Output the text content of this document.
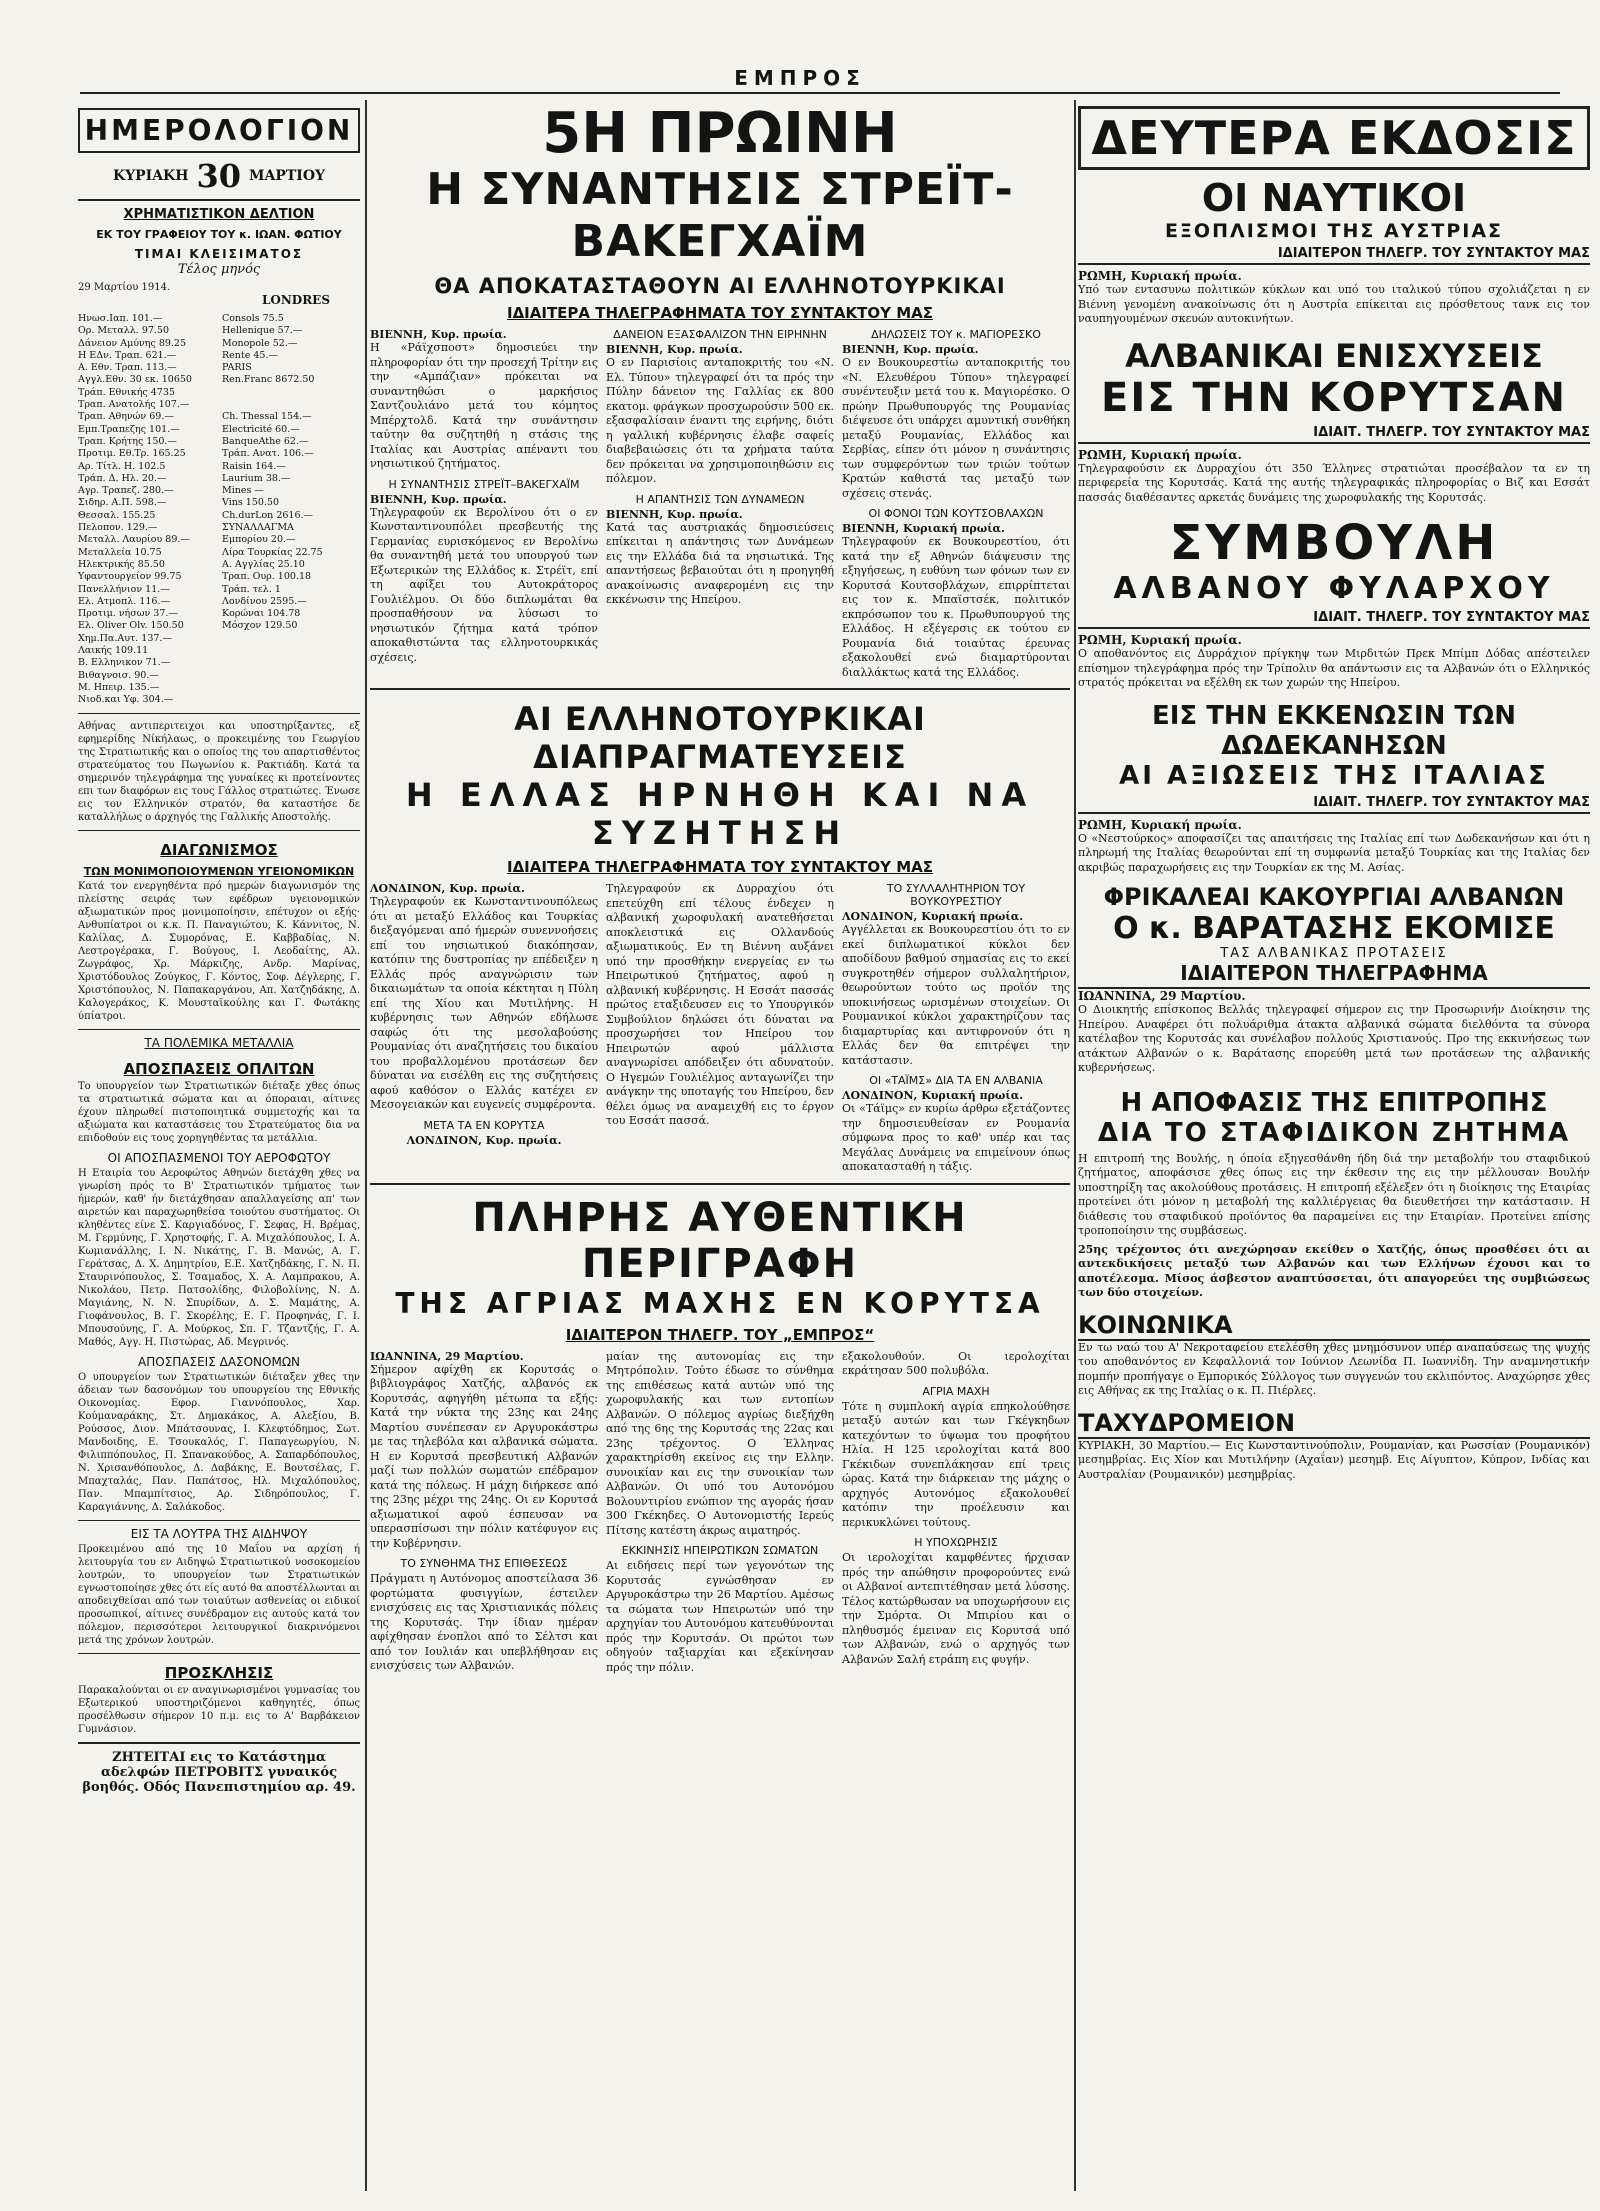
ΕΜΠΡΟΣ
ΗΜΕΡΟΛΟΓΙΟΝ
ΚΥΡΙΑΚΗ 30 ΜΑΡΤΙΟΥ
ΧΡΗΜΑΤΙΣΤΙΚΟΝ ΔΕΛΤΙΟΝ
ΕΚ ΤΟΥ ΓΡΑΦΕΙΟΥ ΤΟΥ κ. ΙΩΑΝ. ΦΩΤΙΟΥ
ΤΙΜΑΙ ΚΛΕΙΣΙΜΑΤΟΣ
Τέλος μηνός
29 Μαρτίου 1914.
LONDRES
Ηνωσ.Ιαπ. 101.—	Consols 75.5
Ορ. Μεταλλ. 97.50	Hellenique 57.—
Δάνειον Αμύνης 89.25	Monopole 52.—
Η ΕΔν. Τραπ. 621.—	Rente 45.—
Α. Εθν. Τραπ. 113.—	PARIS
Αγγλ.Εθν. 30 εκ. 10650	Ren.Franc 8672.50
Τράπ. Εθνικής 4735
Τραπ. Ανατολής 107.—
Τραπ. Αθηνών 69.—	Ch. Thessal 154.—
Εμπ.Τραπεζης 101.—	Electricité 60.—
Τραπ. Κρήτης 150.—	BanqueAthe 62.—
Προτιμ. Εθ.Τρ. 165.25	Τράπ. Ανατ. 106.—
Αρ. Τίτλ. Η. 102.5	Raisin 164.—
Τράπ. Δ. Ηλ. 20.—	Laurium 38.—
Αγρ. Τραπεζ. 280.—	Mines —
Σιδηρ. Α.Π. 598.—	Vins 150.50
Θεσσαλ. 155.25	Ch.durLon 2616.—
Πελοπον. 129.—	ΣΥΝΑΛΛΑΓΜΑ
Μεταλλ. Λαυρίου 89.—	Εμπορίου 20.—
Μεταλλεία 10.75	Λίρα Τουρκίας 22.75
Ηλεκτρικής 85.50	Α. Αγγλίας 25.10
Υφαντουργείον 99.75	Τραπ. Ουρ. 100.18
Πανελλήνιον 11.—	Τράπ. τελ. 1
Ελ. Ατμοπλ. 116.—	Λονδίνου 2595.—
Προτιμ. νήσων 37.—	Κορώναι 104.78
Ελ. Oliver Olv. 150.50	Μόσχον 129.50
Χημ.Πα.Αυτ. 137.—
Λαικής 109.11
Β. Ελληνικον 71.—
Βιθαγνοισ. 90.—
Μ. Ηπειρ. 135.—
Νιοδ.και Υφ. 304.—
Αθήνας αντιπεριτειχοι και υποστηρίξαντες, εξ εφημερίδης Νίκήλαως, ο προκειμένης του Γεωργίου της Στρατιωτικής και ο οποίος της του απαρτισθέντος στρατεύματος του Πωγωνίου κ. Ρακτιάδη. Κατά τα σημερινόν τηλεγράφημα της γυναίκες κι προτείνοντες επι των διαφόρων εις τους Γάλλος στρατιώτες. Ένωσε εις τον Ελληνικόν στρατόν, θα καταστήσε δε καταλλήλως ο άρχηγός της Γαλλικής Αποστολής.
ΔΙΑΓΩΝΙΣΜΟΣ
ΤΩΝ ΜΟΝΙΜΟΠΟΙΟΥΜΕΝΩΝ ΥΓΕΙΟΝΟΜΙΚΩΝ
Κατά τον ενεργηθέντα πρό ημερών διαγωνισμόν της πλείστης σειράς των εφέδρων υγειονομικών αξιωματικών προς μονιμοποίησιν, επέτυχον οι εξής· Ανθυπίατροι οι κ.κ. Π. Παναγιώτου, Κ. Κάννιτος, Ν. Καλίλας, Δ. Συμορόνας, Ε. Καββαδίας, Ν. Λεστρογέρακα, Γ. Βούγους, Ι. Λεοδαίτης, Αλ. Ζωγράφος, Χρ. Μάρκιζης, Ανδρ. Μαρίνας, Χριστόδουλος Ζούγκος, Γ. Κόντος, Σοφ. Δέγλερης, Γ. Χριστόπουλος, Ν. Παπακαργάνου, Απ. Χατζηδάκης, Δ. Καλογεράκος, Κ. Μουσταϊκούλης και Γ. Φωτάκης ύπίατροι.
ΤΑ ΠΟΛΕΜΙΚΑ ΜΕΤΑΛΛΙΑ
ΑΠΟΣΠΑΣΕΙΣ ΟΠΛΙΤΩΝ
Το υπουργείον των Στρατιωτικών διέταξε χθες όπως τα στρατιωτικά σώματα και αι όποραιαι, αίτινες έχουν πληρωθεί πιστοποιητικά συμμετοχής και τα αξιώματα και καταστάσεις του Στρατεύματος δια να επιδοθούν εις τους χορηγηθέντας τα μετάλλια.
ΟΙ ΑΠΟΣΠΑΣΜΕΝΟΙ ΤΟΥ ΑΕΡΟΦΩΤΟΥ
Η Εταιρία του Αεροφώτος Αθηνών διετάχθη χθες να γνωρίση πρός το Β' Στρατιωτικόν τμήματος των ήμερών, καθ' ήν διετάχθησαν απαλλαγείσης απ' των αιρετών και παραχωρηθείσα τοιούτου συστήματος. Οι κληθέντες είνε Σ. Καργιαδόνος, Γ. Σεφας, Η. Βρέμας, Μ. Γερμύνης, Γ. Χρηστοφής, Γ. Α. Μιχαλόπουλος, Ι. Α. Κωμιανάλλης, Ι. Ν. Νικάτης, Γ. Β. Μανώς, Α. Γ. Γεράτσας, Δ. Χ. Δημητρίου, Ε.Ε. Χατζηδάκης, Γ. Ν. Π. Σταυρινόπουλος, Σ. Τσαμαδος, Χ. Α. Λαμπρακου, Α. Νικολάου, Πετρ. Πατσολίδης, Φιλοβολίνης, Ν. Δ. Μαγιάνης, Ν. Ν. Σπυρίδων, Δ. Σ. Μαμάτης, Α. Γιοφάνουλος, Β. Γ. Σκορέλης, Ε. Γ. Προφηνάς, Γ. Ι. Μπουσούνης, Γ. Α. Μούρκος, Σπ. Γ. Τζαντζής, Γ. Α. Μαθός, Αγγ. Η. Πιστώρας, Αδ. Μεγρινός.
ΑΠΟΣΠΑΣΕΙΣ ΔΑΣΟΝΟΜΩΝ
Ο υπουργείον των Στρατιωτικών διέταξεν χθες την άδειαν των δασονόμων του υπουργείου της Εθνικής Οικονομίας. Εφορ. Γιαννόπουλος, Χαρ. Κούμαναράκης, Στ. Δημακάκος, Α. Αλεξίου, Β. Ρούσσος, Διον. Μπάτσουνας, Ι. Κλεφτόδημος, Σωτ. Μανδοιδης, Ε. Τσουκαλός, Γ. Παπαγεωργίου, Ν. Φιλιππόπουλος, Π. Σπανακούδος, Α. Σαπαρδόπουλος, Ν. Χρισανθόπουλος, Δ. Δαβάκης, Ε. Βουτσέλας, Γ. Μπαχταλάς, Παν. Παπάτσος, Ηλ. Μιχαλόπουλος, Παν. Μπαμπίτσιος, Αρ. Σιδηρόπουλος, Γ. Καραγιάννης, Δ. Σαλάκοδος.
ΕΙΣ ΤΑ ΛΟΥΤΡΑ ΤΗΣ ΑΙΔΗΨΟΥ
Προκειμένου από της 10 Μαΐου να αρχίση ή λειτουργία του εν Αιδηψώ Στρατιωτικού νοσοκομείου λουτρών, το υπουργείον των Στρατιωτικών εγνωστοποίησε χθες ότι είς αυτό θα αποστέλλωνται αι αποδειχθείσαι από των τοιαύτων ασθενείας οι ειδικοί προσωπικοί, αίτινες συνέδραμον εις αυτούς κατά τον πόλεμον, περισσότεροι λειτουργικοί διακρινόμενοι μετά της χρόνων λουτρών.
ΠΡΟΣΚΛΗΣΙΣ
Παρακαλούνται οι εν αναγινωρισμένοι γυμνασίας του Εξωτερικού υποστηριζόμενοι καθηγητές, όπως προσέλθωσιν σήμερον 10 π.μ. εις το Α' Βαρβάκειον Γυμνάσιον.
ΖΗΤΕΙΤΑΙ εις το Κατάστημα αδελφών ΠΕΤΡΟΒΙΤΣ γυναικός βοηθός. Οδός Πανεπιστημίου αρ. 49.
5Η ΠΡΩΙΝΗ
Η ΣΥΝΑΝΤΗΣΙΣ ΣΤΡΕΪΤ-ΒΑΚΕΓΧΑΪΜ
ΘΑ ΑΠΟΚΑΤΑΣΤΑΘΟΥΝ ΑΙ ΕΛΛΗΝΟΤΟΥΡΚΙΚΑΙ
ΙΔΙΑΙΤΕΡΑ ΤΗΛΕΓΡΑΦΗΜΑΤΑ ΤΟΥ ΣΥΝΤΑΚΤΟΥ ΜΑΣ
ΒΙΕΝΝΗ, Κυρ. πρωία.
Η «Ράϊχσποστ» δημοσιεύει την πληροφορίαν ότι την προσεχή Τρίτην εις την «Αμπάζιαν» πρόκειται να συναντηθώσι ο μαρκήσιος Σαντζουλιάνο μετά του κόμητος Μπέρχτολδ. Κατά την συνάντησιν ταύτην θα συζητηθή η στάσις της Ιταλίας και Αυστρίας απέναντι του νησιωτικού ζητήματος.
Η ΣΥΝΑΝΤΗΣΙΣ ΣΤΡΕΪΤ–ΒΑΚΕΓΧΑΪΜ
ΒΙΕΝΝΗ, Κυρ. πρωία.
Τηλεγραφούν εκ Βερολίνου ότι ο εν Κωνσταντινουπόλει πρεσβευτής της Γερμανίας ευρισκόμενος εν Βερολίνω θα συναντηθή μετά του υπουργού των Εξωτερικών της Ελλάδος κ. Στρέϊτ, επί τη αφίξει του Αυτοκράτορος Γουλιέλμου. Οι δύο διπλωμάται θα προσπαθήσουν να λύσωσι το νησιωτικόν ζήτημα κατά τρόπον αποκαθιστώντα τας ελληνοτουρκικάς σχέσεις.
ΔΑΝΕΙΟΝ ΕΞΑΣΦΑΛΙΖΟΝ ΤΗΝ ΕΙΡΗΝΗΝ
ΒΙΕΝΝΗ, Κυρ. πρωία.
Ο εν Παρισίοις ανταποκριτής του «Ν. Ελ. Τύπου» τηλεγραφεί ότι τα πρός την Πύλην δάνειον της Γαλλίας εκ 800 εκατομ. φράγκων προσχωρούσιν 500 εκ. εξασφαλίσαιν έναντι της ειρήνης, διότι η γαλλική κυβέρνησις έλαβε σαφείς διαβεβαιώσεις ότι τα χρήματα ταύτα δεν πρόκειται να χρησιμοποιηθώσιν εις πόλεμον.
Η ΑΠΑΝΤΗΣΙΣ ΤΩΝ ΔΥΝΑΜΕΩΝ
ΒΙΕΝΝΗ, Κυρ. πρωία.
Κατά τας αυστριακάς δημοσιεύσεις επίκειται η απάντησις των Δυνάμεων εις την Ελλάδα διά τα νησιωτικά. Της απαντήσεως βεβαιούται ότι η προηγηθή ανακοίνωσις αναφερομένη εις την εκκένωσιν της Ηπείρου.
ΔΗΛΩΣΕΙΣ ΤΟΥ κ. ΜΑΓΙΟΡΕΣΚΟ
ΒΙΕΝΝΗ, Κυρ. πρωία.
Ο εν Βουκουρεστίω ανταποκριτής του «Ν. Ελευθέρου Τύπου» τηλεγραφεί συνέντευξιν μετά του κ. Μαγιορέσκο. Ο πρώην Πρωθυπουργός της Ρουμανίας διέψευσε ότι υπάρχει αμυντική συνθήκη μεταξύ Ρουμανίας, Ελλάδος και Σερβίας, είπεν ότι μόνον η συνάντησις των συμφερόντων των τριών τούτων Κρατών καθιστά τας μεταξύ των σχέσεις στενάς.
ΟΙ ΦΟΝΟΙ ΤΩΝ ΚΟΥΤΣΟΒΛΑΧΩΝ
ΒΙΕΝΝΗ, Κυριακή πρωία.
Τηλεγραφούν εκ Βουκουρεστίου, ότι κατά την εξ Αθηνών διάψευσιν της εξηγήσεως, η ευθύνη των φόνων των εν Κορυτσά Κουτσοβλάχων, επιρρίπτεται εις τον κ. Μπαϊστσέκ, πολιτικόν εκπρόσωπον του κ. Πρωθυπουργού της Ελλάδος. Η εξέγερσις εκ τούτου εν Ρουμανία διά τοιαύτας έρευνας εξακολουθεί ενώ διαμαρτύρονται διαλλάκτως κατά της Ελλάδος.
ΑΙ ΕΛΛΗΝΟΤΟΥΡΚΙΚΑΙ ΔΙΑΠΡΑΓΜΑΤΕΥΣΕΙΣ
Η ΕΛΛΑΣ ΗΡΝΗΘΗ ΚΑΙ ΝΑ ΣΥΖΗΤΗΣΗ
ΙΔΙΑΙΤΕΡΑ ΤΗΛΕΓΡΑΦΗΜΑΤΑ ΤΟΥ ΣΥΝΤΑΚΤΟΥ ΜΑΣ
ΛΟΝΔΙΝΟΝ, Κυρ. πρωία.
Τηλεγραφούν εκ Κωνσταντινουπόλεως ότι αι μεταξύ Ελλάδος και Τουρκίας διεξαγόμεναι από ήμερών συνεννοήσεις επί του νησιωτικού διακόπησαν, κατόπιν της δυστροπίας ην επέδειξεν η Ελλάς πρός αναγνώρισιν των δικαιωμάτων τα οποία κέκτηται η Πύλη επί της Χίου και Μυτιλήνης. Η κυβέρνησις των Αθηνών εδήλωσε σαφώς ότι της μεσολαβούσης Ρουμανίας ότι αναζητήσεις του δικαίου του προβαλλομένου προτάσεων δεν δύναται να εισέλθη εις της συζητήσεις αφού καθόσον ο Ελλάς κατέχει εν Μεσογειακών και ευγενείς συμφέροντα.
ΜΕΤΑ ΤΑ ΕΝ ΚΟΡΥΤΣΑ
ΛΟΝΔΙΝΟΝ, Κυρ. πρωία.
Τηλεγραφούν εκ Δυρραχίου ότι επετεύχθη επί τέλους ένδεχεν η αλβανική χωροφυλακή ανατεθήσεται αποκλειστικά εις Ολλανδούς αξιωματικούς. Εν τη Βιέννη αυξάνει υπό την προσθήκην ενεργείας εν τω Ηπειρωτικού ζητήματος, αφού η αλβανική κυβέρνησις. Η Εσσάτ πασσάς πρώτος εταξιδευσεν εις το Υπουργικόν Συμβούλιον δηλώσει ότι δύναται να προσχωρήσει τον Ηπείρου τον Ηπειρωτών αφού μάλλιστα αναγνωρίσει απόδειξεν ότι αδυνατούν. Ο Ηγεμών Γουλιέλμος ανταγωνίζει την ανάγκην της υποταγής του Ηπείρου, δεν θέλει όμως να αναμειχθή εις το έργον του Εσσάτ πασσά.
ΤΟ ΣΥΛΛΑΛΗΤΗΡΙΟΝ ΤΟΥ ΒΟΥΚΟΥΡΕΣΤΙΟΥ
ΛΟΝΔΙΝΟΝ, Κυριακή πρωία.
Αγγέλλεται εκ Βουκουρεστίου ότι το εν εκεί διπλωματικοί κύκλοι δεν αποδίδουν βαθμού σημασίας εις το εκεί συγκροτηθέν σήμερον συλλαλητήριον, θεωρούντων τούτο ως προϊόν της υποκινήσεως ωρισμένων στοιχείων. Οι Ρουμανικοί κύκλοι χαρακτηρίζουν τας διαμαρτυρίας και αντιφρονούν ότι η Ελλάς δεν θα επιτρέψει την κατάστασιν.
ΟΙ «ΤΑΪΜΣ» ΔΙΑ ΤΑ ΕΝ ΑΛΒΑΝΙΑ
ΛΟΝΔΙΝΟΝ, Κυριακή πρωία.
Οι «Τάϊμς» εν κυρίω άρθρω εξετάζοντες την δημοσιευθείσαν εν Ρουμανία σύμφωνα προς το καθ' υπέρ και τας Μεγάλας Δυνάμεις να επιμείνουν όπως αποκατασταθή η τάξις.
ΠΛΗΡΗΣ ΑΥΘΕΝΤΙΚΗ ΠΕΡΙΓΡΑΦΗ
ΤΗΣ ΑΓΡΙΑΣ ΜΑΧΗΣ ΕΝ ΚΟΡΥΤΣΑ
ΙΔΙΑΙΤΕΡΟΝ ΤΗΛΕΓΡ. ΤΟΥ „ΕΜΠΡΟΣ“
ΙΩΑΝΝΙΝΑ, 29 Μαρτίου.
Σήμερον αφίχθη εκ Κορυτσάς ο βιβλιογράφος Χατζής, αλβανός εκ Κορυτσάς, αφηγήθη μέτωπα τα εξής: Κατά την νύκτα της 23ης και 24ης Μαρτίου συνέπεσαν εν Αργυροκάστρω με τας τηλεβόλα και αλβανικά σώματα. Η εν Κορυτσά πρεσβευτική Αλβανών μαζί των πολλών σωματών επέδραμον κατά της πόλεως. Η μάχη διήρκεσε από της 23ης μέχρι της 24ης. Οι εν Κορυτσά αξιωματικοί αφού έσπευσαν να υπερασπίσωσι την πόλιν κατέφυγον εις την Κυβέρνησιν.
ΤΟ ΣΥΝΘΗΜΑ ΤΗΣ ΕΠΙΘΕΣΕΩΣ
Πράγματι η Αυτόνομος αποστείλασα 36 φορτώματα φυσιγγίων, έστειλεν ενισχύσεις εις τας Χριστιανικάς πόλεις της Κορυτσάς. Την ίδιαν ημέραν αφίχθησαν ένοπλοι από το Σέλτσι και από τον Ιουλιάν και υπεβλήθησαν εις ενισχύσεις των Αλβανών.
μαίαν της αυτονομίας εις την Μητρόπολιν. Τούτο έδωσε το σύνθημα της επιθέσεως κατά αυτών υπό της χωροφυλακής και των εντοπίων Αλβανών. Ο πόλεμος αγρίως διεξήχθη από της 6ης της Κορυτσάς της 22ας και 23ης τρέχοντος. Ο Έλληνας χαρακτηρίσθη εκείνος εις την Ελλην. συνοικίαν και εις την συνοικίαν των Αλβανών. Οι υπό του Αυτονόμου Βολουντιρίου ενώπιον της αγοράς ήσαν 300 Γκέκηδες. Ο Αυτονομιστής Ιερεύς Πίτσης κατέστη άκρως αιματηρός.
ΕΚΚΙΝΗΣΙΣ ΗΠΕΙΡΩΤΙΚΩΝ ΣΩΜΑΤΩΝ
Αι ειδήσεις περί των γεγονότων της Κορυτσάς εγνώσθησαν εν Αργυροκάστρω την 26 Μαρτίου. Αμέσως τα σώματα των Ηπειρωτών υπό την αρχηγίαν του Αυτονόμου κατευθύνονται πρός την Κορυτσάν. Οι πρώτοι των οδηγούν ταξιαρχίαι και εξεκίνησαν πρός την πόλιν.
εξακολουθούν. Οι ιερολοχίται εκράτησαν 500 πολυβόλα.
ΑΓΡΙΑ ΜΑΧΗ
Τότε η συμπλοκή αγρία επηκολούθησε μεταξύ αυτών και των Γκέγκηδων κατεχόντων το ύψωμα του προφήτου Ηλία. Η 125 ιερολοχίται κατά 800 Γκέκιδων συνεπλάκησαν επί τρεις ώρας. Κατά την διάρκειαν της μάχης ο αρχηγός Αυτονόμος εξακολουθεί κατόπιν την προέλευσιν και περικυκλώνει τούτους.
Η ΥΠΟΧΩΡΗΣΙΣ
Οι ιερολοχίται καμφθέντες ήρχισαν πρός την απώθησιν προφορούντες ενώ οι Αλβανοί αντεπιτέθησαν μετά λύσσης. Τέλος κατώρθωσαν να υποχωρήσουν εις την Σμόρτα. Οι Μπιρίου και ο πληθυσμός έμειναν εις Κορυτσά υπό των Αλβανών, ενώ ο αρχηγός των Αλβανών Σαλή ετράπη εις φυγήν.
ΔΕΥΤΕΡΑ ΕΚΔΟΣΙΣ
ΟΙ ΝΑΥΤΙΚΟΙ
ΕΞΟΠΛΙΣΜΟΙ ΤΗΣ ΑΥΣΤΡΙΑΣ
ΙΔΙΑΙΤΕΡΟΝ ΤΗΛΕΓΡ. ΤΟΥ ΣΥΝΤΑΚΤΟΥ ΜΑΣ
ΡΩΜΗ, Κυριακή πρωία.
Υπό των εντασυνω πολιτικών κύκλων και υπό του ιταλικού τύπου σχολιάζεται η εν Βιέννη γενομένη ανακοίνωσις ότι η Αυστρία επίκειται εις πρόσθετους τανκ εις τον ναυπηγουμένων σκευών αυτοκινήτων.
ΑΛΒΑΝΙΚΑΙ ΕΝΙΣΧΥΣΕΙΣ
ΕΙΣ ΤΗΝ ΚΟΡΥΤΣΑΝ
ΙΔΙΑΙΤ. ΤΗΛΕΓΡ. ΤΟΥ ΣΥΝΤΑΚΤΟΥ ΜΑΣ
ΡΩΜΗ, Κυριακή πρωία.
Τηλεγραφούσιν εκ Δυρραχίου ότι 350 Έλληνες στρατιώται προσέβαλον τα εν τη περιφερεία της Κορυτσάς. Κατά της αυτής τηλεγραφικάς πληροφορίας ο Βιζ και Εσσάτ πασσάς διαθέσαντες αρκετάς δυνάμεις της χωροφυλακής της Κορυτσάς.
ΣΥΜΒΟΥΛΗ
ΑΛΒΑΝΟΥ ΦΥΛΑΡΧΟΥ
ΙΔΙΑΙΤ. ΤΗΛΕΓΡ. ΤΟΥ ΣΥΝΤΑΚΤΟΥ ΜΑΣ
ΡΩΜΗ, Κυριακή πρωία.
Ο αποθανόντος εις Δυρράχιον πρίγκηψ των Μιρδιτών Πρεκ Μπίμπ Δόδας απέστειλεν επίσημον τηλεγράφημα πρός την Τρίπολιν θα απάντωσιν εις τα Αλβανών ότι ο Ελληνικός στρατός πρόκειται να εξέλθη εκ των χωρών της Ηπείρου.
ΕΙΣ ΤΗΝ ΕΚΚΕΝΩΣΙΝ ΤΩΝ ΔΩΔΕΚΑΝΗΣΩΝ
ΑΙ ΑΞΙΩΣΕΙΣ ΤΗΣ ΙΤΑΛΙΑΣ
ΙΔΙΑΙΤ. ΤΗΛΕΓΡ. ΤΟΥ ΣΥΝΤΑΚΤΟΥ ΜΑΣ
ΡΩΜΗ, Κυριακή πρωία.
Ο «Νεστούρκος» αποφασίζει τας απαιτήσεις της Ιταλίας επί των Δωδεκανήσων και ότι η πληρωμή της Ιταλίας θεωρούνται επί τη συμφωνία μεταξύ Τουρκίας και της Ιταλίας δεν ακριβώς παραχωρήσεις εις την Τουρκίαν εκ της Μ. Ασίας.
ΦΡΙΚΑΛΕΑΙ ΚΑΚΟΥΡΓΙΑΙ ΑΛΒΑΝΩΝ
Ο κ. ΒΑΡΑΤΑΣΗΣ ΕΚΟΜΙΣΕ
ΤΑΣ ΑΛΒΑΝΙΚΑΣ ΠΡΟΤΑΣΕΙΣ
ΙΔΙΑΙΤΕΡΟΝ ΤΗΛΕΓΡΑΦΗΜΑ
ΙΩΑΝΝΙΝΑ, 29 Μαρτίου.
Ο Διοικητής επίσκοπος Βελλάς τηλεγραφεί σήμερον εις την Προσωρινήν Διοίκησιν της Ηπείρου. Αναφέρει ότι πολυάριθμα άτακτα αλβανικά σώματα διελθόντα τα σύνορα κατέλαβον της Κορυτσάς και συνέλαβον πολλούς Χριστιανούς. Προ της εκκινήσεως των ατάκτων Αλβανών ο κ. Βαράτασης επορεύθη μετά των προτάσεων της αλβανικής κυβερνήσεως.
Η ΑΠΟΦΑΣΙΣ ΤΗΣ ΕΠΙΤΡΟΠΗΣ
ΔΙΑ ΤΟ ΣΤΑΦΙΔΙΚΟΝ ΖΗΤΗΜΑ
Η επιτροπή της Βουλής, η όποία εξηγεσθάνθη ήδη διά την μεταβολήν του σταφιδικού ζητήματος, αποφάσισε χθες όπως εις την έκθεσιν της εις την μέλλουσαν Βουλήν υποστηρίξη τας ακολούθους προτάσεις. Η επιτροπή εξέλεξεν ότι η διοίκησις της Εταιρίας προτείνει ότι μόνον η μεταβολή της καλλιέργειας θα διευθετήσει την κατάστασιν. Η διάθεσις του σταφιδικού προϊόντος θα παραμείνει εις την Εταιρίαν. Προτείνει επίσης τροποποίησιν της συμβάσεως.
25ης τρέχοντος ότι ανεχώρησαν εκείθεν ο Χατζής, όπως προσθέσει ότι αι αντεκδικήσεις μεταξύ των Αλβανών και των Ελλήνων έχουσι και το αποτέλεσμα. Μίσος άσβεστον αναπτύσσεται, ότι απαγορεύει της συμβιώσεως των δύο στοιχείων.
ΚΟΙΝΩΝΙΚΑ
Εν τω ναώ του Α' Νεκροταφείου ετελέσθη χθες μνημόσυνον υπέρ αναπαύσεως της ψυχής του αποθανόντος εν Κεφαλλονιά τον Ιούνιον Λεωνίδα Π. Ιωαννίδη. Την αναμνηστικήν πομπήν προπήγαγε ο Εμπορικός Σύλλογος των συγγενών του εκλιπόντος. Αναχώρησε χθες εις Αθήνας εκ της Ιταλίας ο κ. Π. Πιέρλες.
ΤΑΧΥΔΡΟΜΕΙΟΝ
ΚΥΡΙΑΚΗ, 30 Μαρτίου.— Εις Κωνσταντινούπολιν, Ρουμανίαν, και Ρωσσίαν (Ρουμανικόν) μεσημβρίας. Εις Χίον και Μυτιλήνην (Αχαΐαν) μεσημβ. Εις Αίγυπτον, Κύπρον, Ινδίας και Αυστραλίαν (Ρουμανικόν) μεσημβρίας.
